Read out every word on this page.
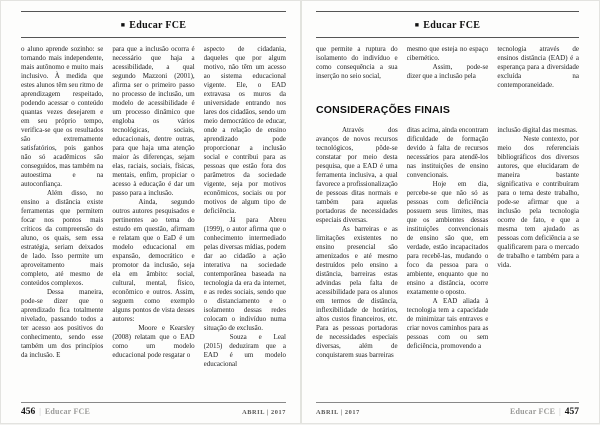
■ Educar FCE

o aluno aprende sozinho: se tornando mais independente, mais autônomo e muito mais inclusivo. À medida que estes alunos têm seu ritmo de aprendizagem respeitado, podendo acessar o conteúdo quantas vezes desejarem e em seu próprio tempo, verifica-se que os resultados são extremamente satisfatórios, pois ganhos não só acadêmicos são conseguidos, mas também na autoestima e na autoconfiança.

Além disso, no ensino a distância existe ferramentas que permitem focar nos pontos mais críticos da compreensão do aluno, os quais, sem essa estratégia, seriam deixados de lado. Isso permite um aproveitamento mais completo, até mesmo de conteúdos complexos.

Dessa maneira, pode-se dizer que o aprendizado fica totalmente nivelado, passando todos a ter acesso aos positivos do conhecimento, sendo esse também um dos princípios da inclusão. E

para que a inclusão ocorra é necessário que haja a acessibilidade, a qual segundo Mazzoni (2001), afirma ser o primeiro passo no processo de inclusão, um modelo de acessibilidade é um processo dinâmico que engloba os vários tecnológicas, sociais, educacionais, dentre outras, para que haja uma atenção maior às diferenças, sejam elas, raciais, sociais, físicas, mentais, enfim, propiciar o acesso à educação é dar um passo para a inclusão.

Ainda, segundo outros autores pesquisados e pertinentes ao tema do estudo em questão, afirmam e relatam que o EaD é um modelo educacional em expansão, democrático e promotor da inclusão, seja ela em âmbito: social, cultural, mental, físico, econômico e outros. Assim, seguem como exemplo alguns pontos de vista desses autores:

Moore e Kearsley (2008) relatam que o EAD como um modelo educacional pode resgatar o

aspecto de cidadania, daqueles que por algum motivo, não têm um acesso ao sistema educacional vigente. Ele, o EAD extravasa os muros da universidade entrando nos lares dos cidadãos, sendo um meio democrático de educar, onde a relação de ensino aprendizado pode proporcionar a inclusão social e contribui para as pessoas que estão fora dos parâmetros da sociedade vigente, seja por motivos econômicos, sociais ou por motivos de algum tipo de deficiência.

Já para Abreu (1999), o autor afirma que o conhecimento intermediado pelas diversas mídias, podem dar ao cidadão a ação interativa na sociedade contemporânea baseada na tecnologia da era da internet, e as redes sociais, sendo que o distanciamento e o isolamento dessas redes colocam o indivíduo numa situação de exclusão.

Souza e Leal (2015) deduziram que a EAD é um modelo educacional

456 | Educar FCE	ABRIL | 2017
■ Educar FCE

que permite a ruptura do isolamento do indivíduo e como consequência a sua inserção no seio social,

mesmo que esteja no espaço cibernético.

Assim, pode-se dizer que a inclusão pela

tecnologia através de ensinos distância (EAD) é a esperança para a diversidade excluída na contemporaneidade.

CONSIDERAÇÕES FINAIS

Através dos avanços de novos recursos tecnológicos, pôde-se constatar por meio desta pesquisa, que a EAD é uma ferramenta inclusiva, a qual favorece a profissionalização de pessoas ditas normais e também para aquelas portadoras de necessidades especiais diversas.

As barreiras e as limitações existentes no ensino presencial são amenizados e até mesmo destruídos pelo ensino a distância, barreiras estas advindas pela falta de acessibilidade para os alunos em termos de distância, inflexibilidade de horários, altos custos financeiros, etc. Para as pessoas portadoras de necessidades especiais diversas, além de conquistarem suas barreiras

ditas acima, ainda encontram dificuldade de formação devido à falta de recursos necessários para atendê-los nas instituições de ensino convencionais.

Hoje em dia, percebe-se que não só as pessoas com deficiência possuem seus limites, mas que os ambientes dessas instituições convencionais de ensino são que, em verdade, estão incapacitados para recebê-las, mudando o foco da pessoa para o ambiente, enquanto que no ensino a distância, ocorre exatamente o oposto.

A EAD aliada à tecnologia tem a capacidade de minimizar tais entraves e criar novos caminhos para as pessoas com ou sem deficiência, promovendo a

inclusão digital das mesmas.

Neste contexto, por meio dos referenciais bibliográficos dos diversos autores, que elucidaram de maneira bastante significativa e contribuíram para o tema deste trabalho, pode-se afirmar que a inclusão pela tecnologia ocorre de fato, e que a mesma tem ajudado as pessoas com deficiência a se qualificarem para o mercado de trabalho e também para a vida.

ABRIL | 2017	Educar FCE | 457
